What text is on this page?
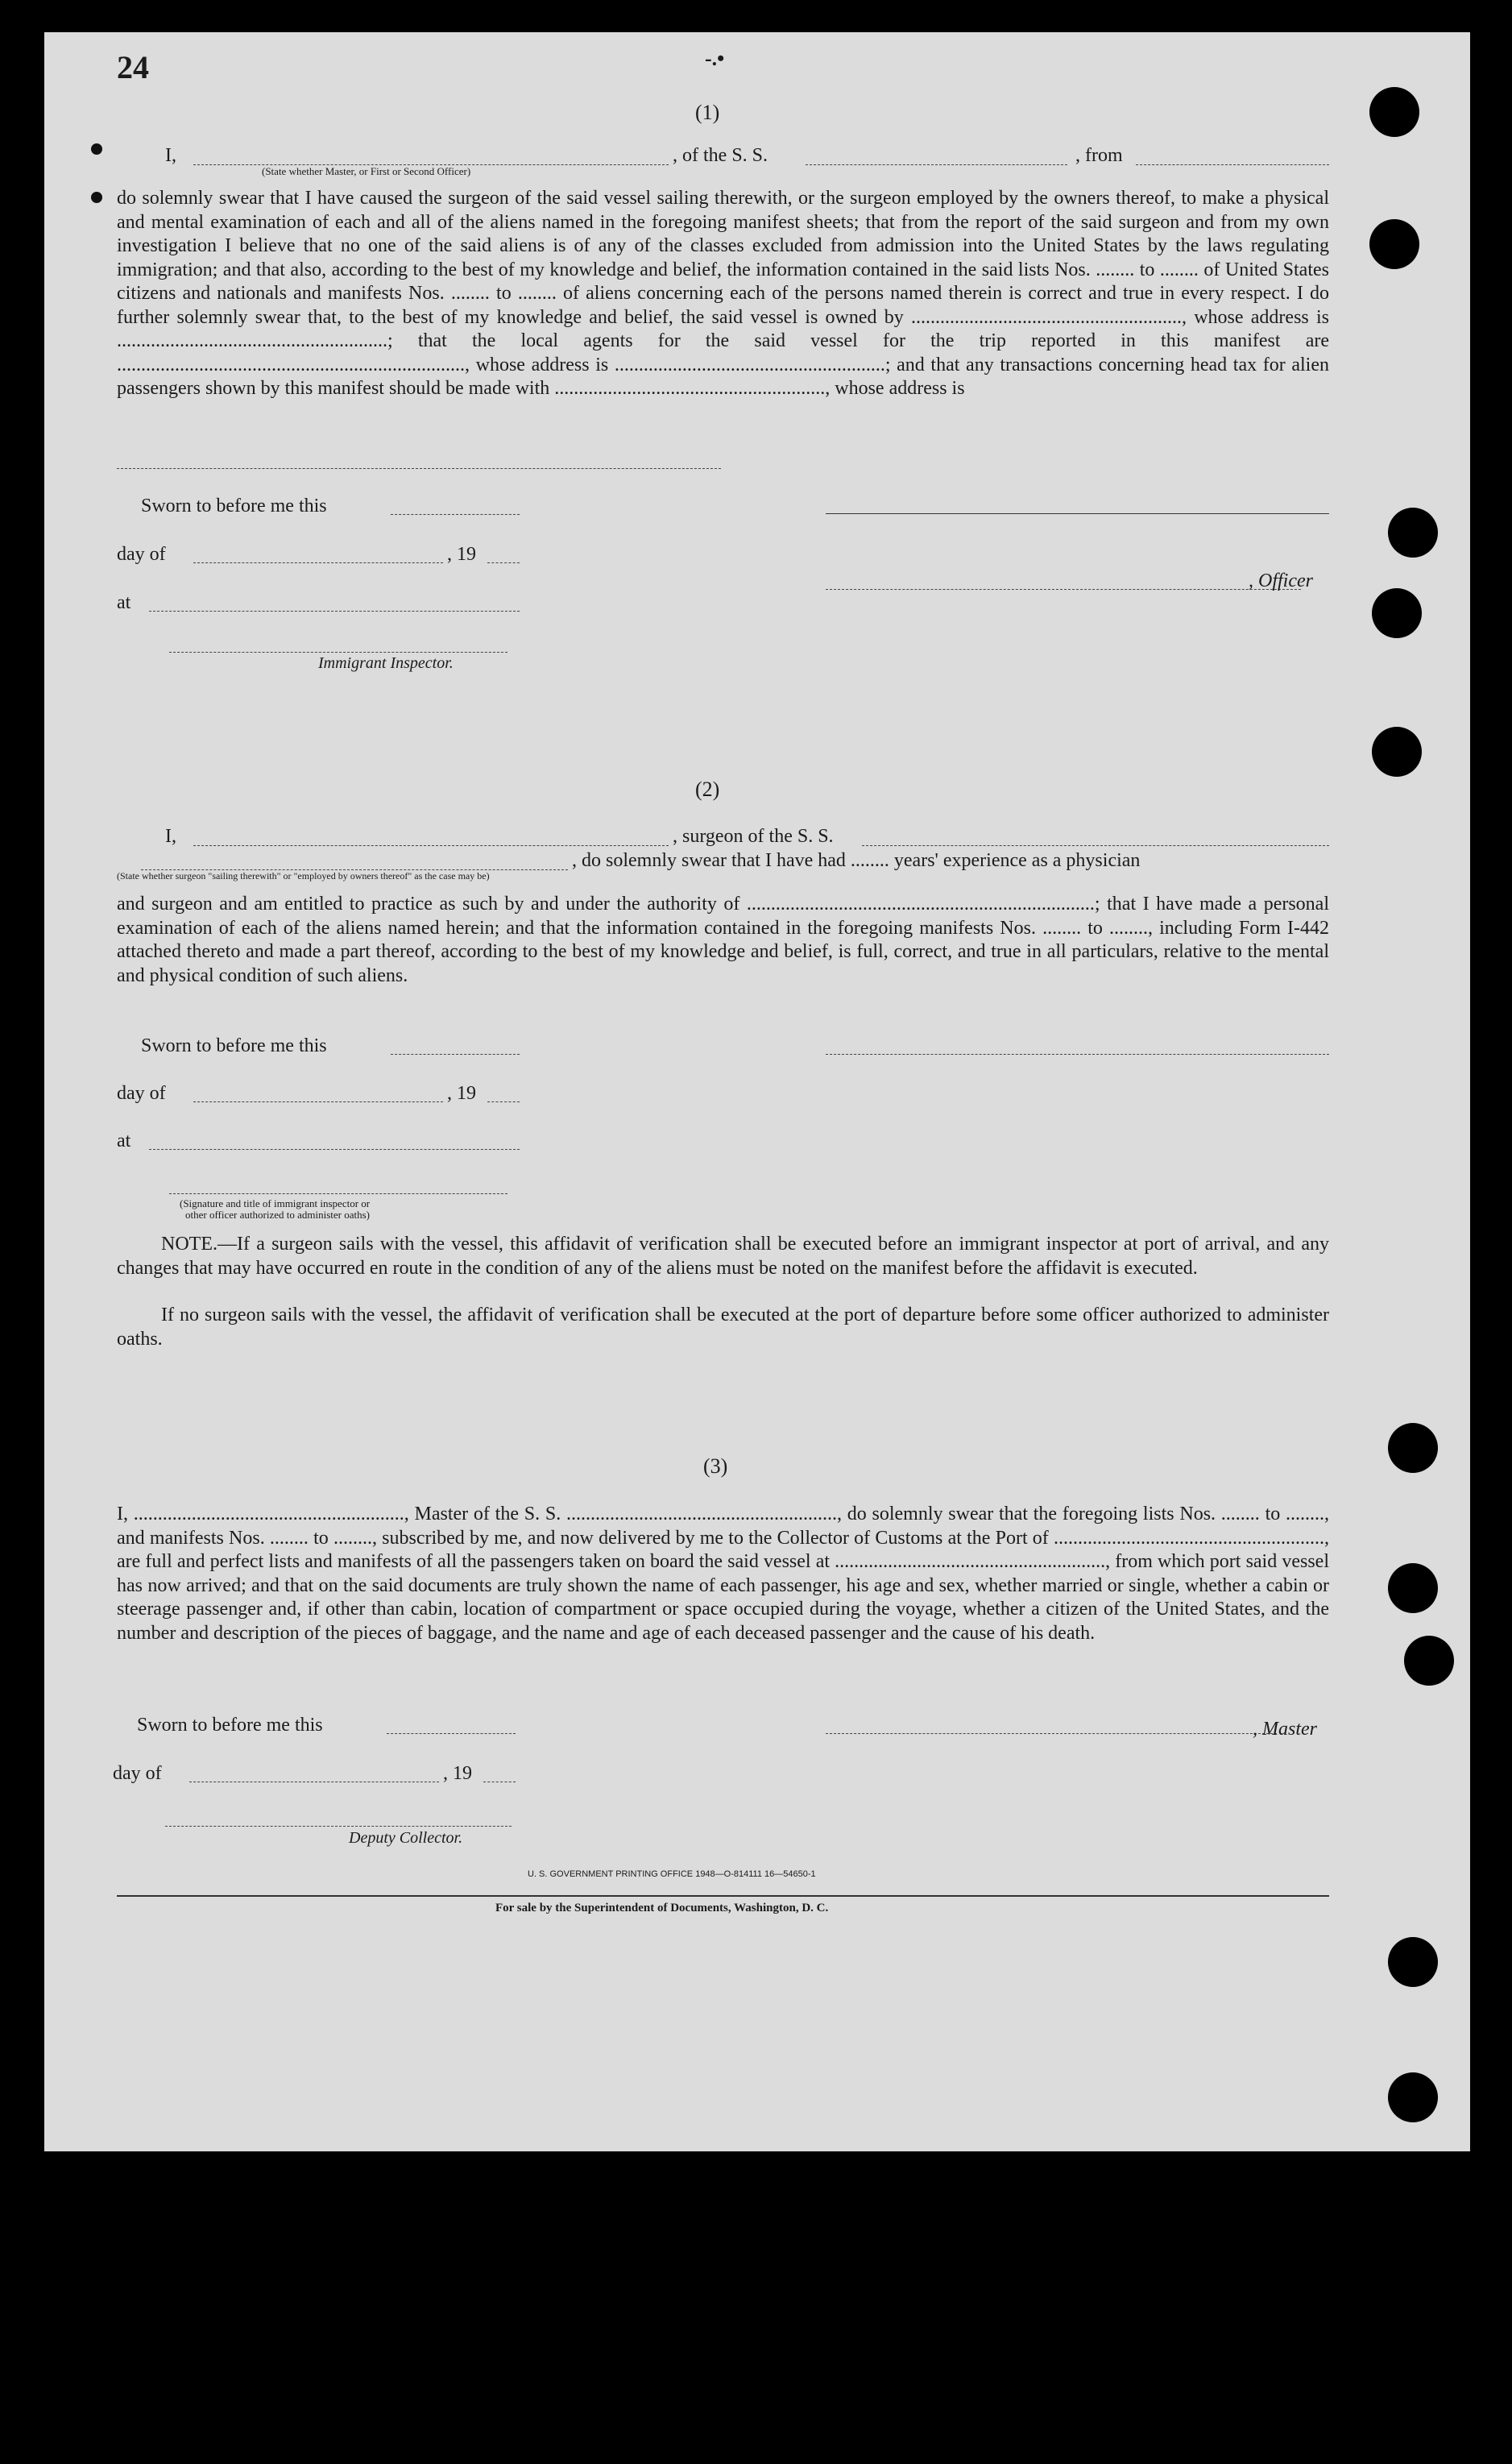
24	-.•
(1)
I,	, of the S. S.	, from
(State whether Master, or First or Second Officer)
do solemnly swear that I have caused the surgeon of the said vessel sailing therewith, or the surgeon employed by the owners thereof, to make a physical and mental examination of each and all of the aliens named in the foregoing manifest sheets; that from the report of the said surgeon and from my own investigation I believe that no one of the said aliens is of any of the classes excluded from admission into the United States by the laws regulating immigration; and that also, according to the best of my knowledge and belief, the information contained in the said lists Nos. ........ to ........ of United States citizens and nationals and manifests Nos. ........ to ........ of aliens concerning each of the persons named therein is correct and true in every respect. I do further solemnly swear that, to the best of my knowledge and belief, the said vessel is owned by ........................................................, whose address is ........................................................; that the local agents for the said vessel for the trip reported in this manifest are ........................................................................, whose address is ........................................................; and that any transactions concerning head tax for alien passengers shown by this manifest should be made with ........................................................, whose address is
Sworn to before me this
day of	, 19
at
, Officer
Immigrant Inspector.
(2)
I,	, surgeon of the S. S.
, do solemnly swear that I have had ........ years' experience as a physician
(State whether surgeon "sailing therewith" or "employed by owners thereof" as the case may be)
and surgeon and am entitled to practice as such by and under the authority of ........................................................................; that I have made a personal examination of each of the aliens named herein; and that the information contained in the foregoing manifests Nos. ........ to ........, including Form I-442 attached thereto and made a part thereof, according to the best of my knowledge and belief, is full, correct, and true in all particulars, relative to the mental and physical condition of such aliens.
Sworn to before me this
day of	, 19
at
(Signature and title of immigrant inspector or
other officer authorized to administer oaths)
NOTE.—If a surgeon sails with the vessel, this affidavit of verification shall be executed before an immigrant inspector at port of arrival, and any changes that may have occurred en route in the condition of any of the aliens must be noted on the manifest before the affidavit is executed.
If no surgeon sails with the vessel, the affidavit of verification shall be executed at the port of departure before some officer authorized to administer oaths.
(3)
I, ........................................................, Master of the S. S. ........................................................, do solemnly swear that the foregoing lists Nos. ........ to ........, and manifests Nos. ........ to ........, subscribed by me, and now delivered by me to the Collector of Customs at the Port of ........................................................, are full and perfect lists and manifests of all the passengers taken on board the said vessel at ........................................................, from which port said vessel has now arrived; and that on the said documents are truly shown the name of each passenger, his age and sex, whether married or single, whether a cabin or steerage passenger and, if other than cabin, location of compartment or space occupied during the voyage, whether a citizen of the United States, and the number and description of the pieces of baggage, and the name and age of each deceased passenger and the cause of his death.
Sworn to before me this	, Master
day of	, 19
Deputy Collector.
U. S. GOVERNMENT PRINTING OFFICE 1948—O-814111 16—54650-1
For sale by the Superintendent of Documents, Washington, D. C.
